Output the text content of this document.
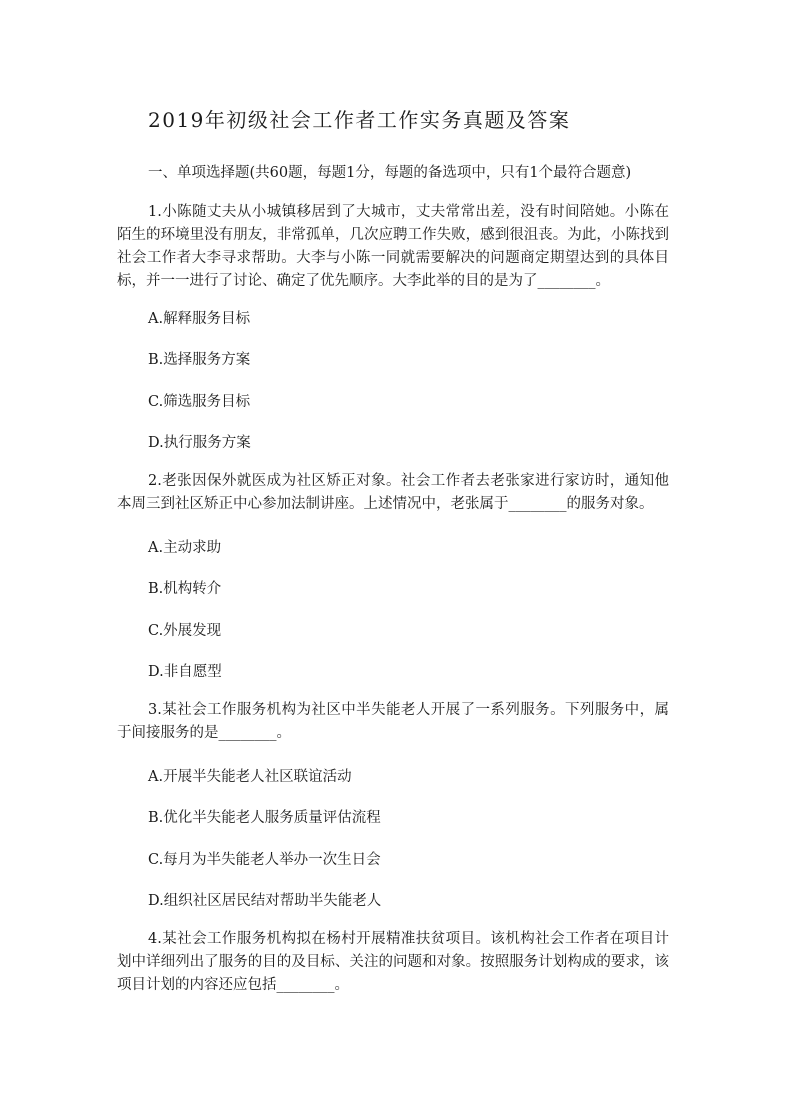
2019年初级社会工作者工作实务真题及答案
一、单项选择题(共60题，每题1分，每题的备选项中，只有1个最符合题意)

1.小陈随丈夫从小城镇移居到了大城市，丈夫常常出差，没有时间陪她。小陈在陌生的环境里没有朋友，非常孤单，几次应聘工作失败，感到很沮丧。为此，小陈找到社会工作者大李寻求帮助。大李与小陈一同就需要解决的问题商定期望达到的具体目标，并一一进行了讨论、确定了优先顺序。大李此举的目的是为了________。

A.解释服务目标
B.选择服务方案
C.筛选服务目标
D.执行服务方案

2.老张因保外就医成为社区矫正对象。社会工作者去老张家进行家访时，通知他本周三到社区矫正中心参加法制讲座。上述情况中，老张属于________的服务对象。

A.主动求助
B.机构转介
C.外展发现
D.非自愿型

3.某社会工作服务机构为社区中半失能老人开展了一系列服务。下列服务中，属于间接服务的是________。

A.开展半失能老人社区联谊活动
B.优化半失能老人服务质量评估流程
C.每月为半失能老人举办一次生日会
D.组织社区居民结对帮助半失能老人

4.某社会工作服务机构拟在杨村开展精准扶贫项目。该机构社会工作者在项目计划中详细列出了服务的目的及目标、关注的问题和对象。按照服务计划构成的要求，该项目计划的内容还应包括________。
